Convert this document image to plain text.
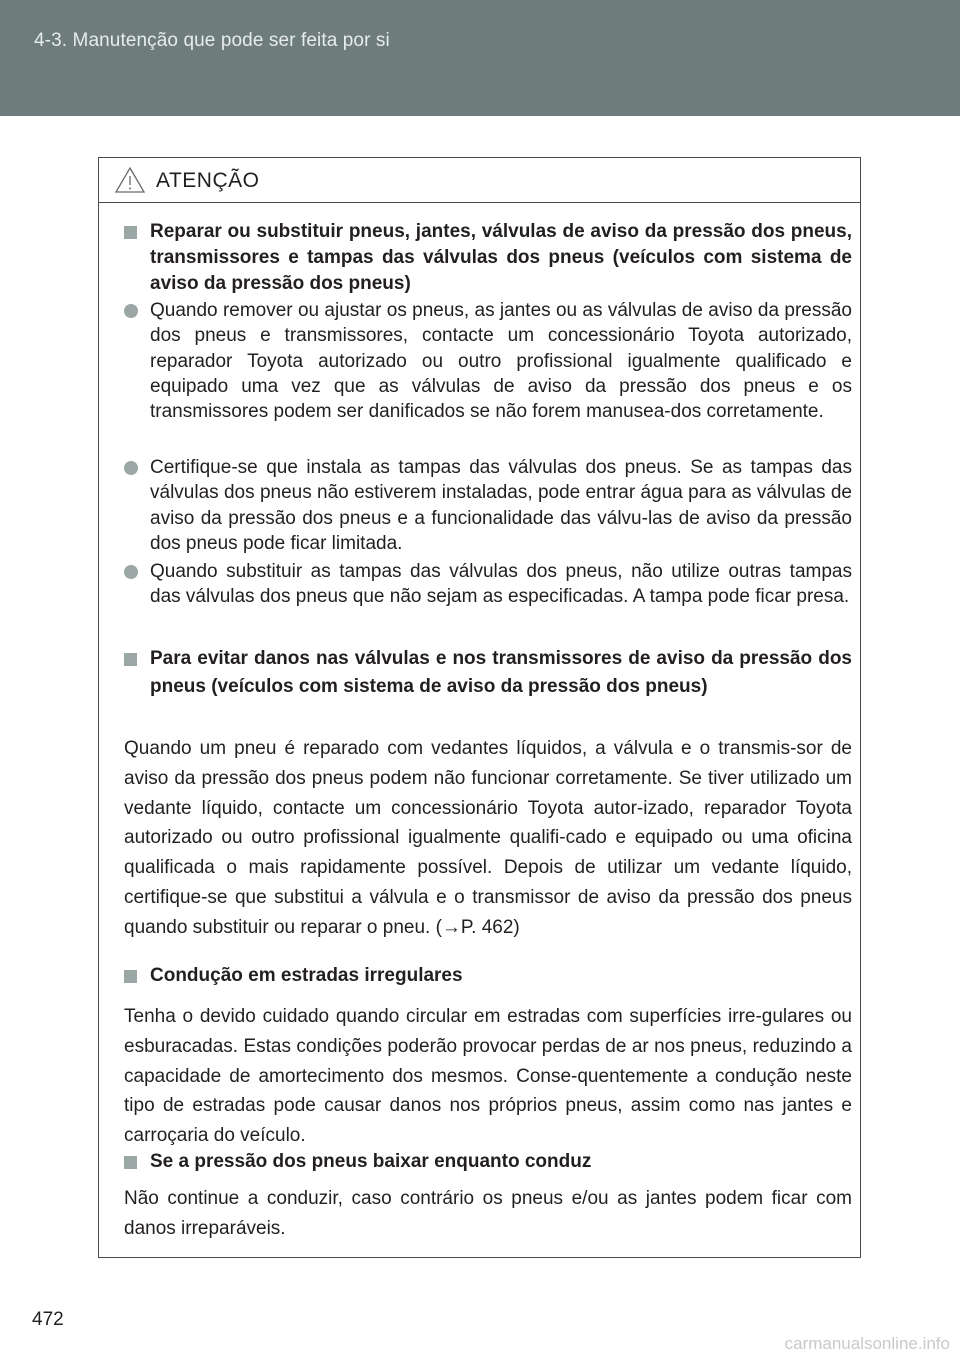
4-3. Manutenção que pode ser feita por si
ATENÇÃO
Reparar ou substituir pneus, jantes, válvulas de aviso da pressão dos pneus, transmissores e tampas das válvulas dos pneus (veículos com sistema de aviso da pressão dos pneus)
Quando remover ou ajustar os pneus, as jantes ou as válvulas de aviso da pressão dos pneus e transmissores, contacte um concessionário Toyota autorizado, reparador Toyota autorizado ou outro profissional igualmente qualificado e equipado uma vez que as válvulas de aviso da pressão dos pneus e os transmissores podem ser danificados se não forem manusea-dos corretamente.
Certifique-se que instala as tampas das válvulas dos pneus. Se as tampas das válvulas dos pneus não estiverem instaladas, pode entrar água para as válvulas de aviso da pressão dos pneus e a funcionalidade das válvu-las de aviso da pressão dos pneus pode ficar limitada.
Quando substituir as tampas das válvulas dos pneus, não utilize outras tampas das válvulas dos pneus que não sejam as especificadas. A tampa pode ficar presa.
Para evitar danos nas válvulas e nos transmissores de aviso da pressão dos pneus (veículos com sistema de aviso da pressão dos pneus)
Quando um pneu é reparado com vedantes líquidos, a válvula e o transmis-sor de aviso da pressão dos pneus podem não funcionar corretamente. Se tiver utilizado um vedante líquido, contacte um concessionário Toyota autor-izado, reparador Toyota autorizado ou outro profissional igualmente qualifi-cado e equipado ou uma oficina qualificada o mais rapidamente possível. Depois de utilizar um vedante líquido, certifique-se que substitui a válvula e o transmissor de aviso da pressão dos pneus quando substituir ou reparar o pneu. (→P. 462)
Condução em estradas irregulares
Tenha o devido cuidado quando circular em estradas com superfícies irre-gulares ou esburacadas. Estas condições poderão provocar perdas de ar nos pneus, reduzindo a capacidade de amortecimento dos mesmos. Conse-quentemente a condução neste tipo de estradas pode causar danos nos próprios pneus, assim como nas jantes e carroçaria do veículo.
Se a pressão dos pneus baixar enquanto conduz
Não continue a conduzir, caso contrário os pneus e/ou as jantes podem ficar com danos irreparáveis.
472
carmanualsonline.info
